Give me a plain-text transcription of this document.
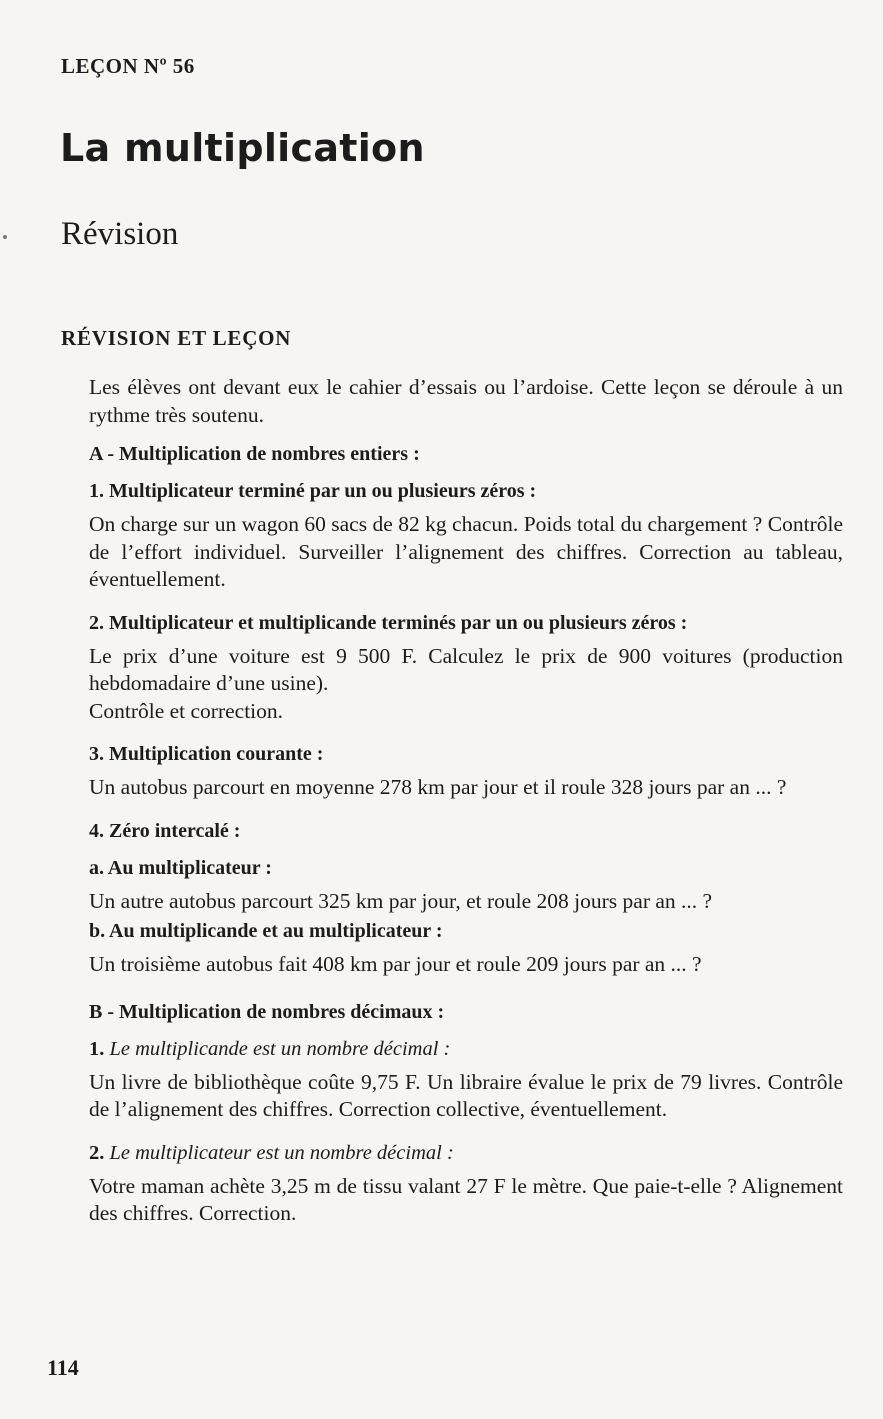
LEÇON Nº 56
La multiplication
Révision
RÉVISION ET LEÇON

Les élèves ont devant eux le cahier d’essais ou l’ardoise. Cette leçon se déroule à un rythme très soutenu.

A - Multiplication de nombres entiers :

1. Multiplicateur terminé par un ou plusieurs zéros :

On charge sur un wagon 60 sacs de 82 kg chacun. Poids total du chargement ? Contrôle de l’effort individuel. Surveiller l’alignement des chiffres. Correction au tableau, éventuellement.

2. Multiplicateur et multiplicande terminés par un ou plusieurs zéros :

Le prix d’une voiture est 9 500 F. Calculez le prix de 900 voitures (production hebdomadaire d’une usine).

Contrôle et correction.

3. Multiplication courante :

Un autobus parcourt en moyenne 278 km par jour et il roule 328 jours par an ... ?

4. Zéro intercalé :

a. Au multiplicateur :

Un autre autobus parcourt 325 km par jour, et roule 208 jours par an ... ?

b. Au multiplicande et au multiplicateur :

Un troisième autobus fait 408 km par jour et roule 209 jours par an ... ?

B - Multiplication de nombres décimaux :

1. Le multiplicande est un nombre décimal :

Un livre de bibliothèque coûte 9,75 F. Un libraire évalue le prix de 79 livres. Contrôle de l’alignement des chiffres. Correction collective, éventuellement.

2. Le multiplicateur est un nombre décimal :

Votre maman achète 3,25 m de tissu valant 27 F le mètre. Que paie-t-elle ? Alignement des chiffres. Correction.

114
